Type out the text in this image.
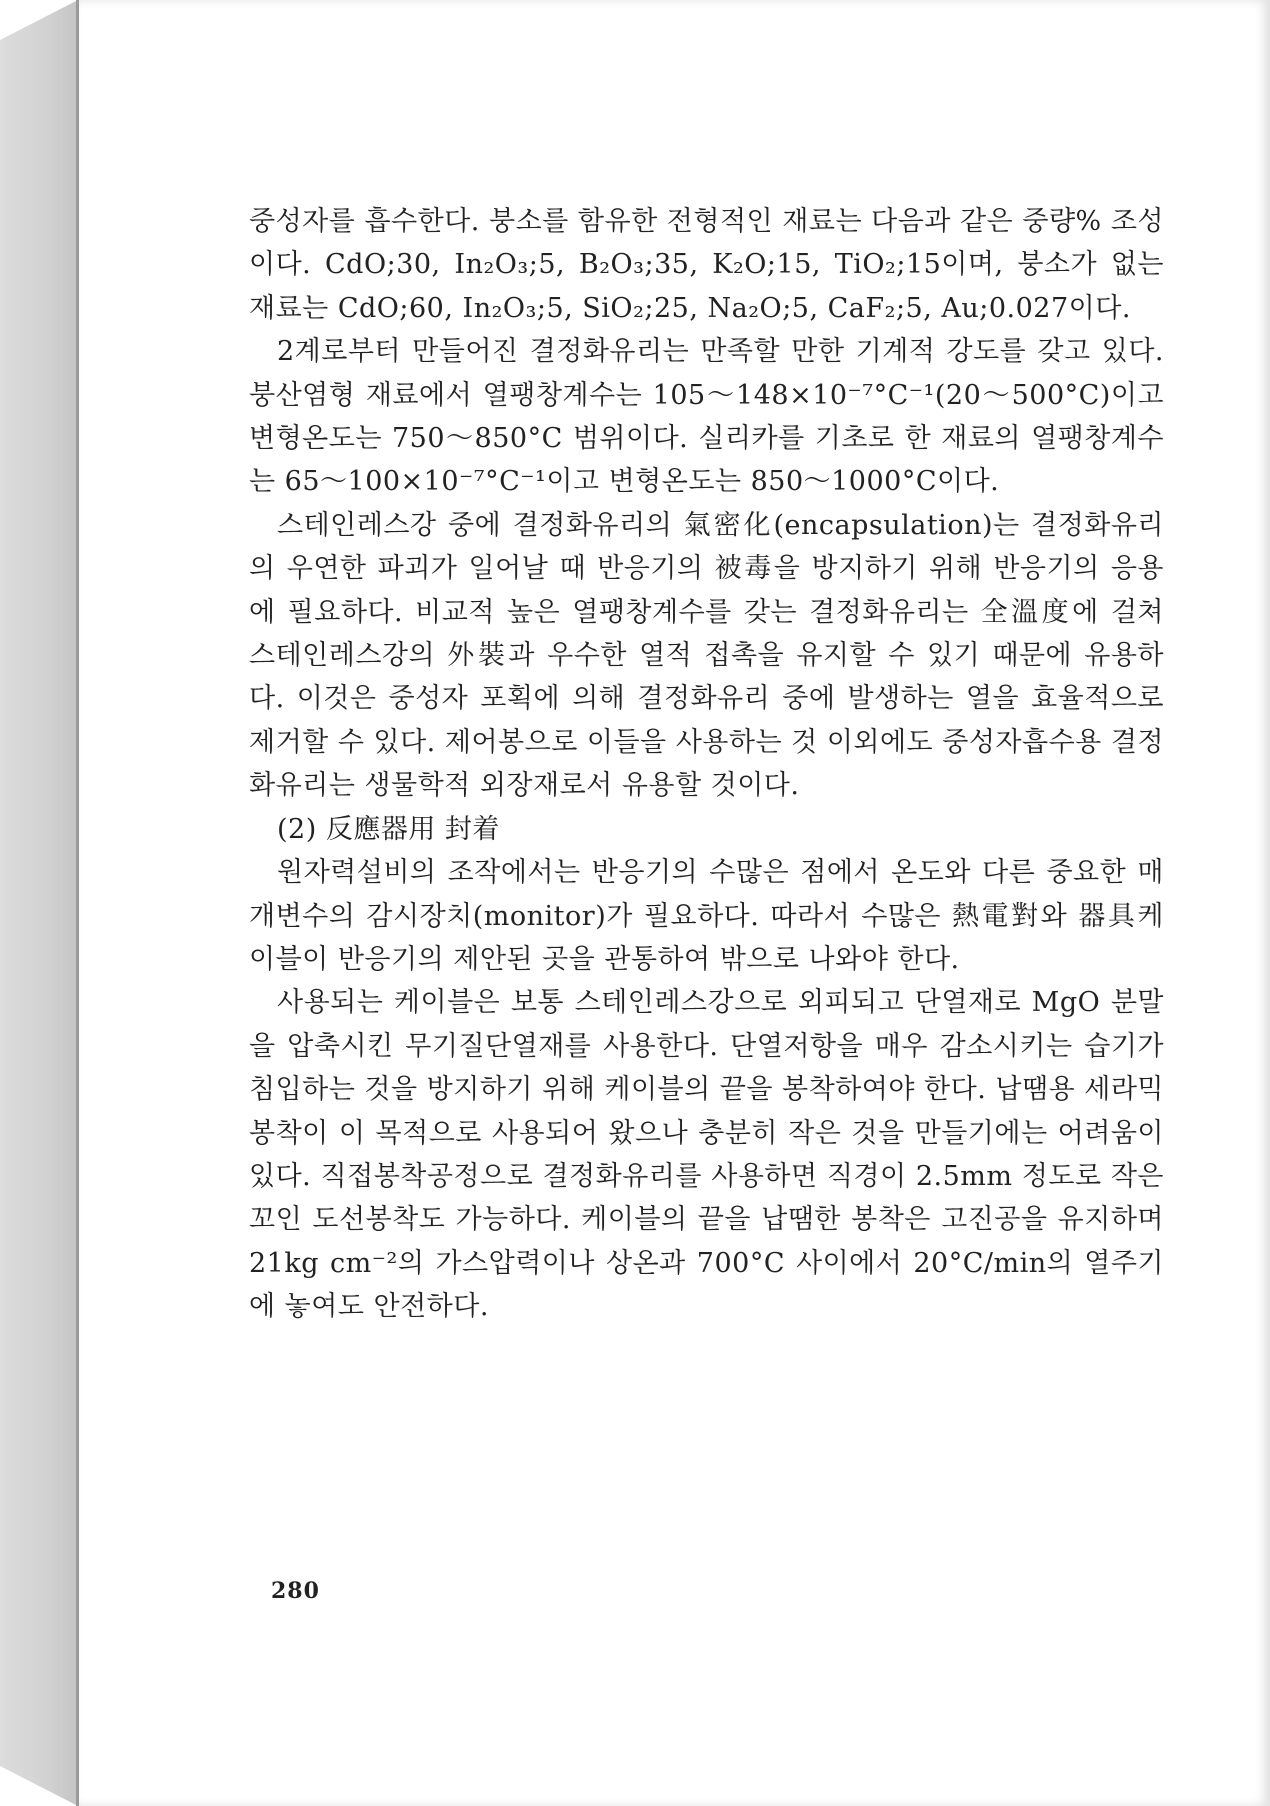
중성자를 흡수한다. 붕소를 함유한 전형적인 재료는 다음과 같은 중량% 조성이다. CdO;30, In₂O₃;5, B₂O₃;35, K₂O;15, TiO₂;15이며, 붕소가 없는 재료는 CdO;60, In₂O₃;5, SiO₂;25, Na₂O;5, CaF₂;5, Au;0.027이다.

2계로부터 만들어진 결정화유리는 만족할 만한 기계적 강도를 갖고 있다. 붕산염형 재료에서 열팽창계수는 105～148×10⁻⁷°C⁻¹(20～500°C)이고 변형온도는 750～850°C 범위이다. 실리카를 기초로 한 재료의 열팽창계수는 65～100×10⁻⁷°C⁻¹이고 변형온도는 850～1000°C이다.

스테인레스강 중에 결정화유리의 氣密化(encapsulation)는 결정화유리의 우연한 파괴가 일어날 때 반응기의 被毒을 방지하기 위해 반응기의 응용에 필요하다. 비교적 높은 열팽창계수를 갖는 결정화유리는 全溫度에 걸쳐 스테인레스강의 外裝과 우수한 열적 접촉을 유지할 수 있기 때문에 유용하다. 이것은 중성자 포획에 의해 결정화유리 중에 발생하는 열을 효율적으로 제거할 수 있다. 제어봉으로 이들을 사용하는 것 이외에도 중성자흡수용 결정화유리는 생물학적 외장재로서 유용할 것이다.

(2) 反應器用 封着

원자력설비의 조작에서는 반응기의 수많은 점에서 온도와 다른 중요한 매개변수의 감시장치(monitor)가 필요하다. 따라서 수많은 熱電對와 器具케이블이 반응기의 제안된 곳을 관통하여 밖으로 나와야 한다.

사용되는 케이블은 보통 스테인레스강으로 외피되고 단열재로 MgO 분말을 압축시킨 무기질단열재를 사용한다. 단열저항을 매우 감소시키는 습기가 침입하는 것을 방지하기 위해 케이블의 끝을 봉착하여야 한다. 납땜용 세라믹봉착이 이 목적으로 사용되어 왔으나 충분히 작은 것을 만들기에는 어려움이 있다. 직접봉착공정으로 결정화유리를 사용하면 직경이 2.5mm 정도로 작은 꼬인 도선봉착도 가능하다. 케이블의 끝을 납땜한 봉착은 고진공을 유지하며 21kg cm⁻²의 가스압력이나 상온과 700°C 사이에서 20°C/min의 열주기에 놓여도 안전하다.

280
